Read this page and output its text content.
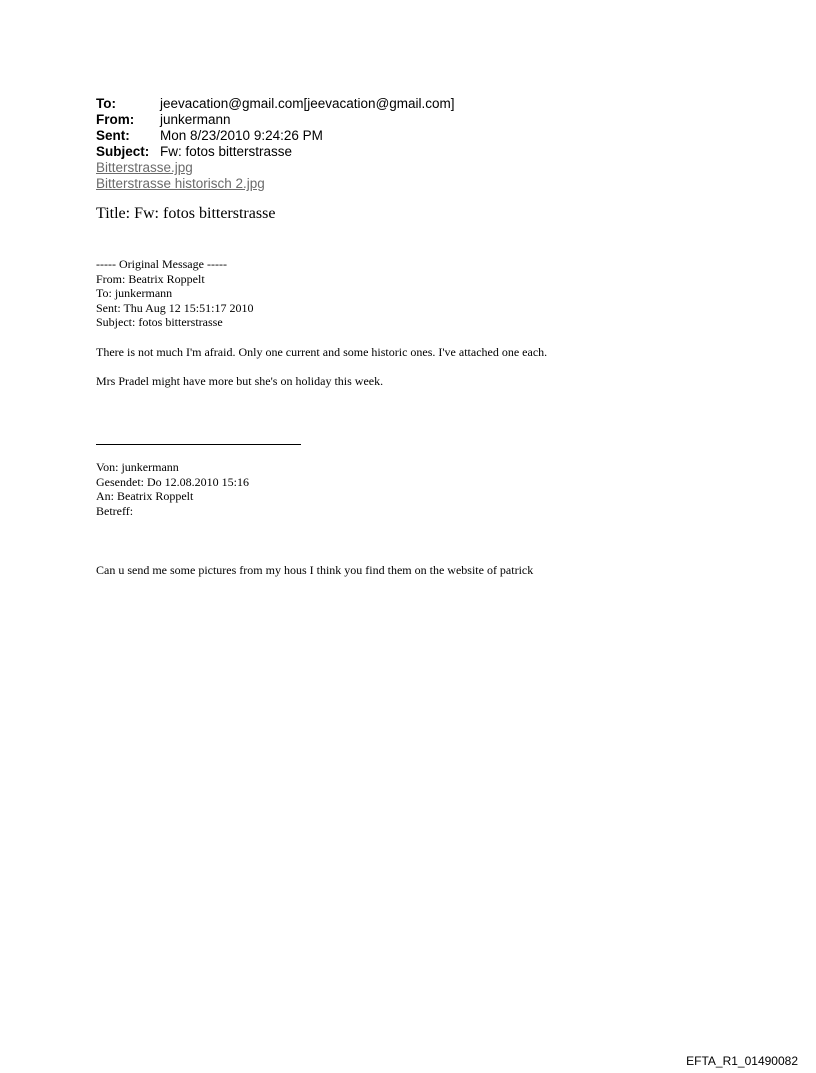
To:	jeevacation@gmail.com[jeevacation@gmail.com]
From: junkermann
Sent: Mon 8/23/2010 9:24:26 PM
Subject: Fw: fotos bitterstrasse
Bitterstrasse.jpg
Bitterstrasse historisch 2.jpg
Title: Fw: fotos bitterstrasse
----- Original Message -----
From: Beatrix Roppelt
To: junkermann
Sent: Thu Aug 12 15:51:17 2010
Subject: fotos bitterstrasse
There is not much I'm afraid. Only one current and some historic ones. I've attached one each.
Mrs Pradel might have more but she's on holiday this week.
Von: junkermann
Gesendet: Do 12.08.2010 15:16
An: Beatrix Roppelt
Betreff:
Can u send me some pictures from my hous I think you find them on the website of patrick
EFTA_R1_01490082
